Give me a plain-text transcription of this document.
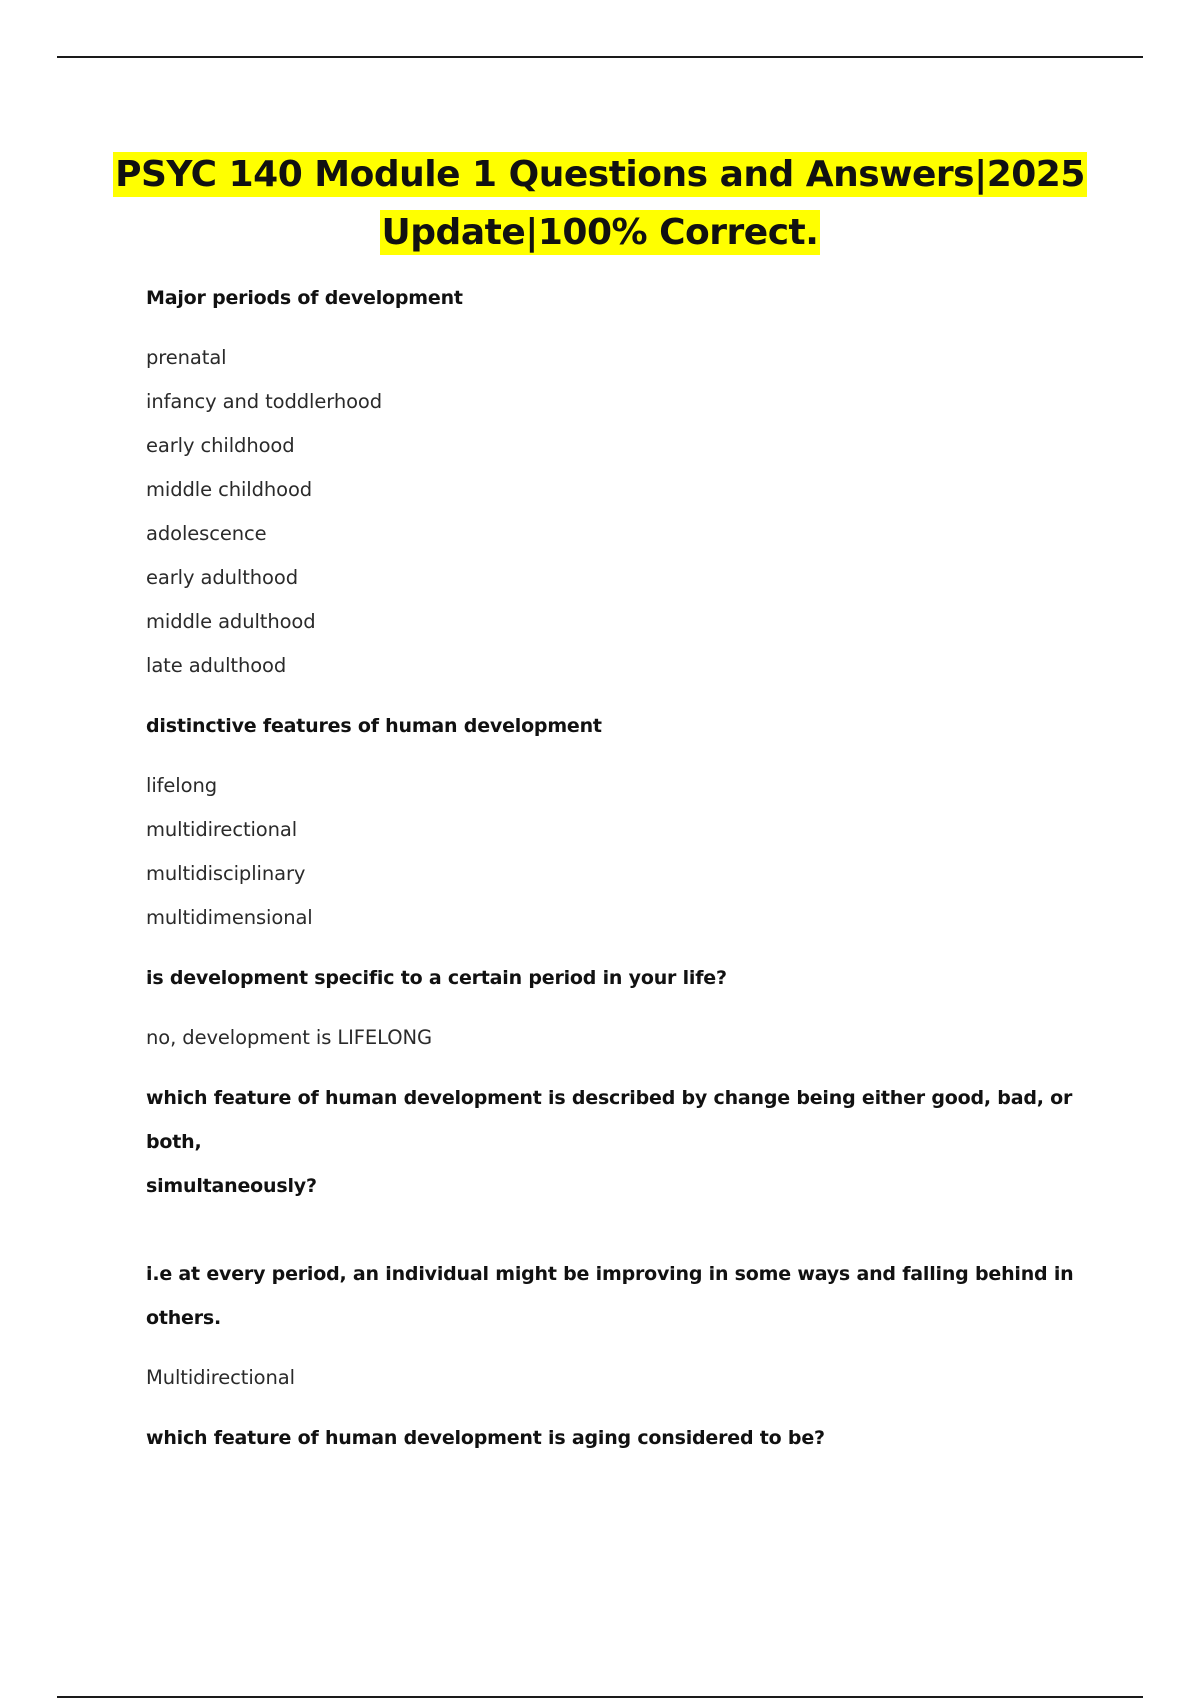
PSYC 140 Module 1 Questions and Answers|2025
Update|100% Correct.
Major periods of development
prenatal
infancy and toddlerhood
early childhood
middle childhood
adolescence
early adulthood
middle adulthood
late adulthood
distinctive features of human development
lifelong
multidirectional
multidisciplinary
multidimensional
is development specific to a certain period in your life?
no, development is LIFELONG
which feature of human development is described by change being either good, bad, or both,
simultaneously?
i.e at every period, an individual might be improving in some ways and falling behind in
others.
Multidirectional
which feature of human development is aging considered to be?
